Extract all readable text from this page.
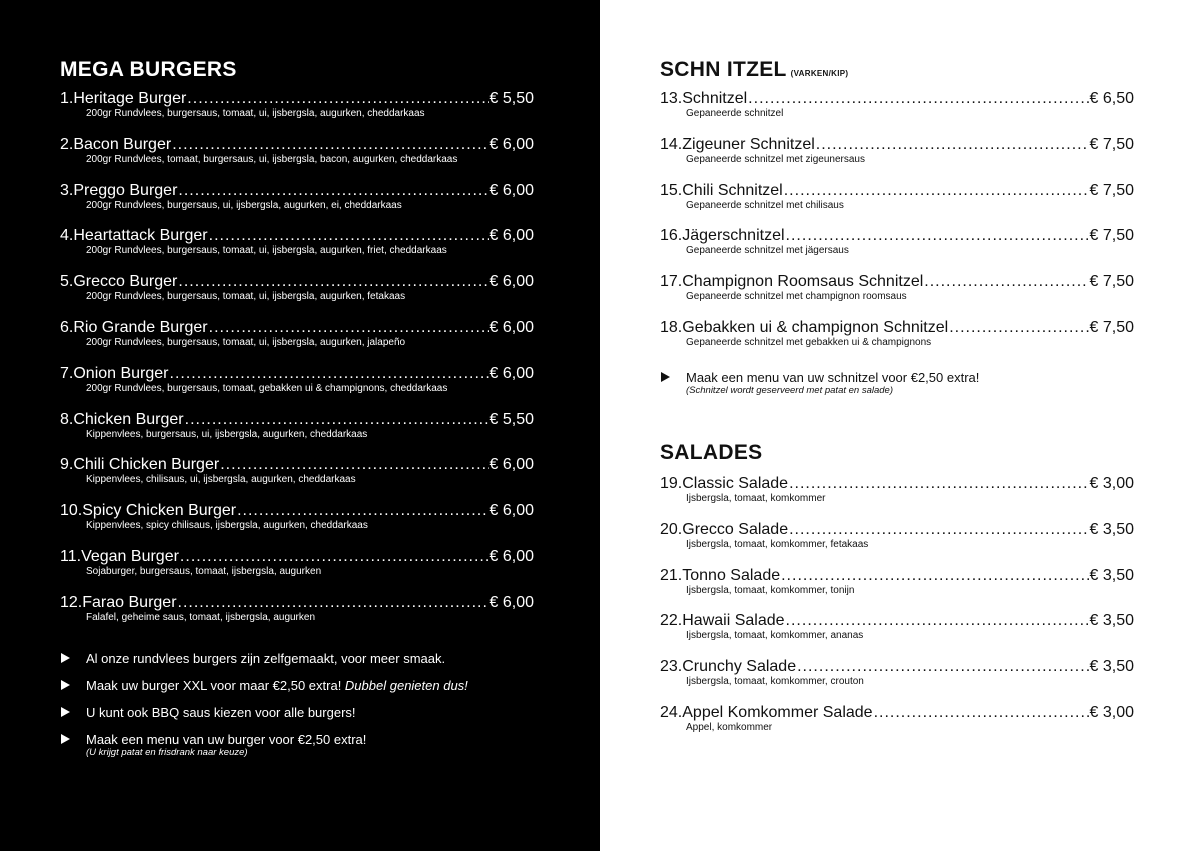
MEGA BURGERS
1. Heritage Burger .....	€ 5,50
200gr Rundvlees, burgersaus, tomaat, ui, ijsbergsla, augurken, cheddarkaas
2. Bacon Burger .....	€ 6,00
200gr Rundvlees, tomaat, burgersaus, ui, ijsbergsla, bacon, augurken, cheddarkaas
3. Preggo Burger .....	€ 6,00
200gr Rundvlees, burgersaus, ui, ijsbergsla, augurken, ei, cheddarkaas
4. Heartattack Burger .....	€ 6,00
200gr Rundvlees, burgersaus, tomaat, ui, ijsbergsla, augurken, friet, cheddarkaas
5. Grecco Burger .....	€ 6,00
200gr Rundvlees, burgersaus, tomaat, ui, ijsbergsla, augurken, fetakaas
6. Rio Grande Burger .....	€ 6,00
200gr Rundvlees, burgersaus, tomaat, ui, ijsbergsla, augurken, jalapeño
7. Onion Burger .....	€ 6,00
200gr Rundvlees, burgersaus, tomaat, gebakken ui & champignons, cheddarkaas
8. Chicken Burger .....	€ 5,50
Kippenvlees, burgersaus, ui, ijsbergsla, augurken, cheddarkaas
9. Chili Chicken Burger .....	€ 6,00
Kippenvlees, chilisaus, ui, ijsbergsla, augurken, cheddarkaas
10. Spicy Chicken Burger .....	€ 6,00
Kippenvlees, spicy chilisaus, ijsbergsla, augurken, cheddarkaas
11. Vegan Burger .....	€ 6,00
Sojaburger, burgersaus, tomaat, ijsbergsla, augurken
12. Farao Burger .....	€ 6,00
Falafel, geheime saus, tomaat, ijsbergsla, augurken
Al onze rundvlees burgers zijn zelfgemaakt, voor meer smaak.
Maak uw burger XXL voor maar €2,50 extra! Dubbel genieten dus!
U kunt ook BBQ saus kiezen voor alle burgers!
Maak een menu van uw burger voor €2,50 extra!
(U krijgt patat en frisdrank naar keuze)
SCHN ITZEL (VARKEN/KIP)
13. Schnitzel .....	€ 6,50
Gepaneerde schnitzel
14. Zigeuner Schnitzel .....	€ 7,50
Gepaneerde schnitzel met zigeunersaus
15. Chili Schnitzel .....	€ 7,50
Gepaneerde schnitzel met chilisaus
16. Jägerschnitzel .....	€ 7,50
Gepaneerde schnitzel met jägersaus
17. Champignon Roomsaus Schnitzel .....	€ 7,50
Gepaneerde schnitzel met champignon roomsaus
18. Gebakken ui & champignon Schnitzel .....	€ 7,50
Gepaneerde schnitzel met gebakken ui & champignons
Maak een menu van uw schnitzel voor €2,50 extra!
(Schnitzel wordt geserveerd met patat en salade)
SALADES
19. Classic Salade .....	€ 3,00
Ijsbergsla, tomaat, komkommer
20. Grecco Salade .....	€ 3,50
Ijsbergsla, tomaat, komkommer, fetakaas
21. Tonno Salade .....	€ 3,50
Ijsbergsla, tomaat, komkommer, tonijn
22. Hawaii Salade .....	€ 3,50
Ijsbergsla, tomaat, komkommer, ananas
23. Crunchy Salade .....	€ 3,50
Ijsbergsla, tomaat, komkommer, crouton
24. Appel Komkommer Salade .....	€ 3,00
Appel, komkommer
